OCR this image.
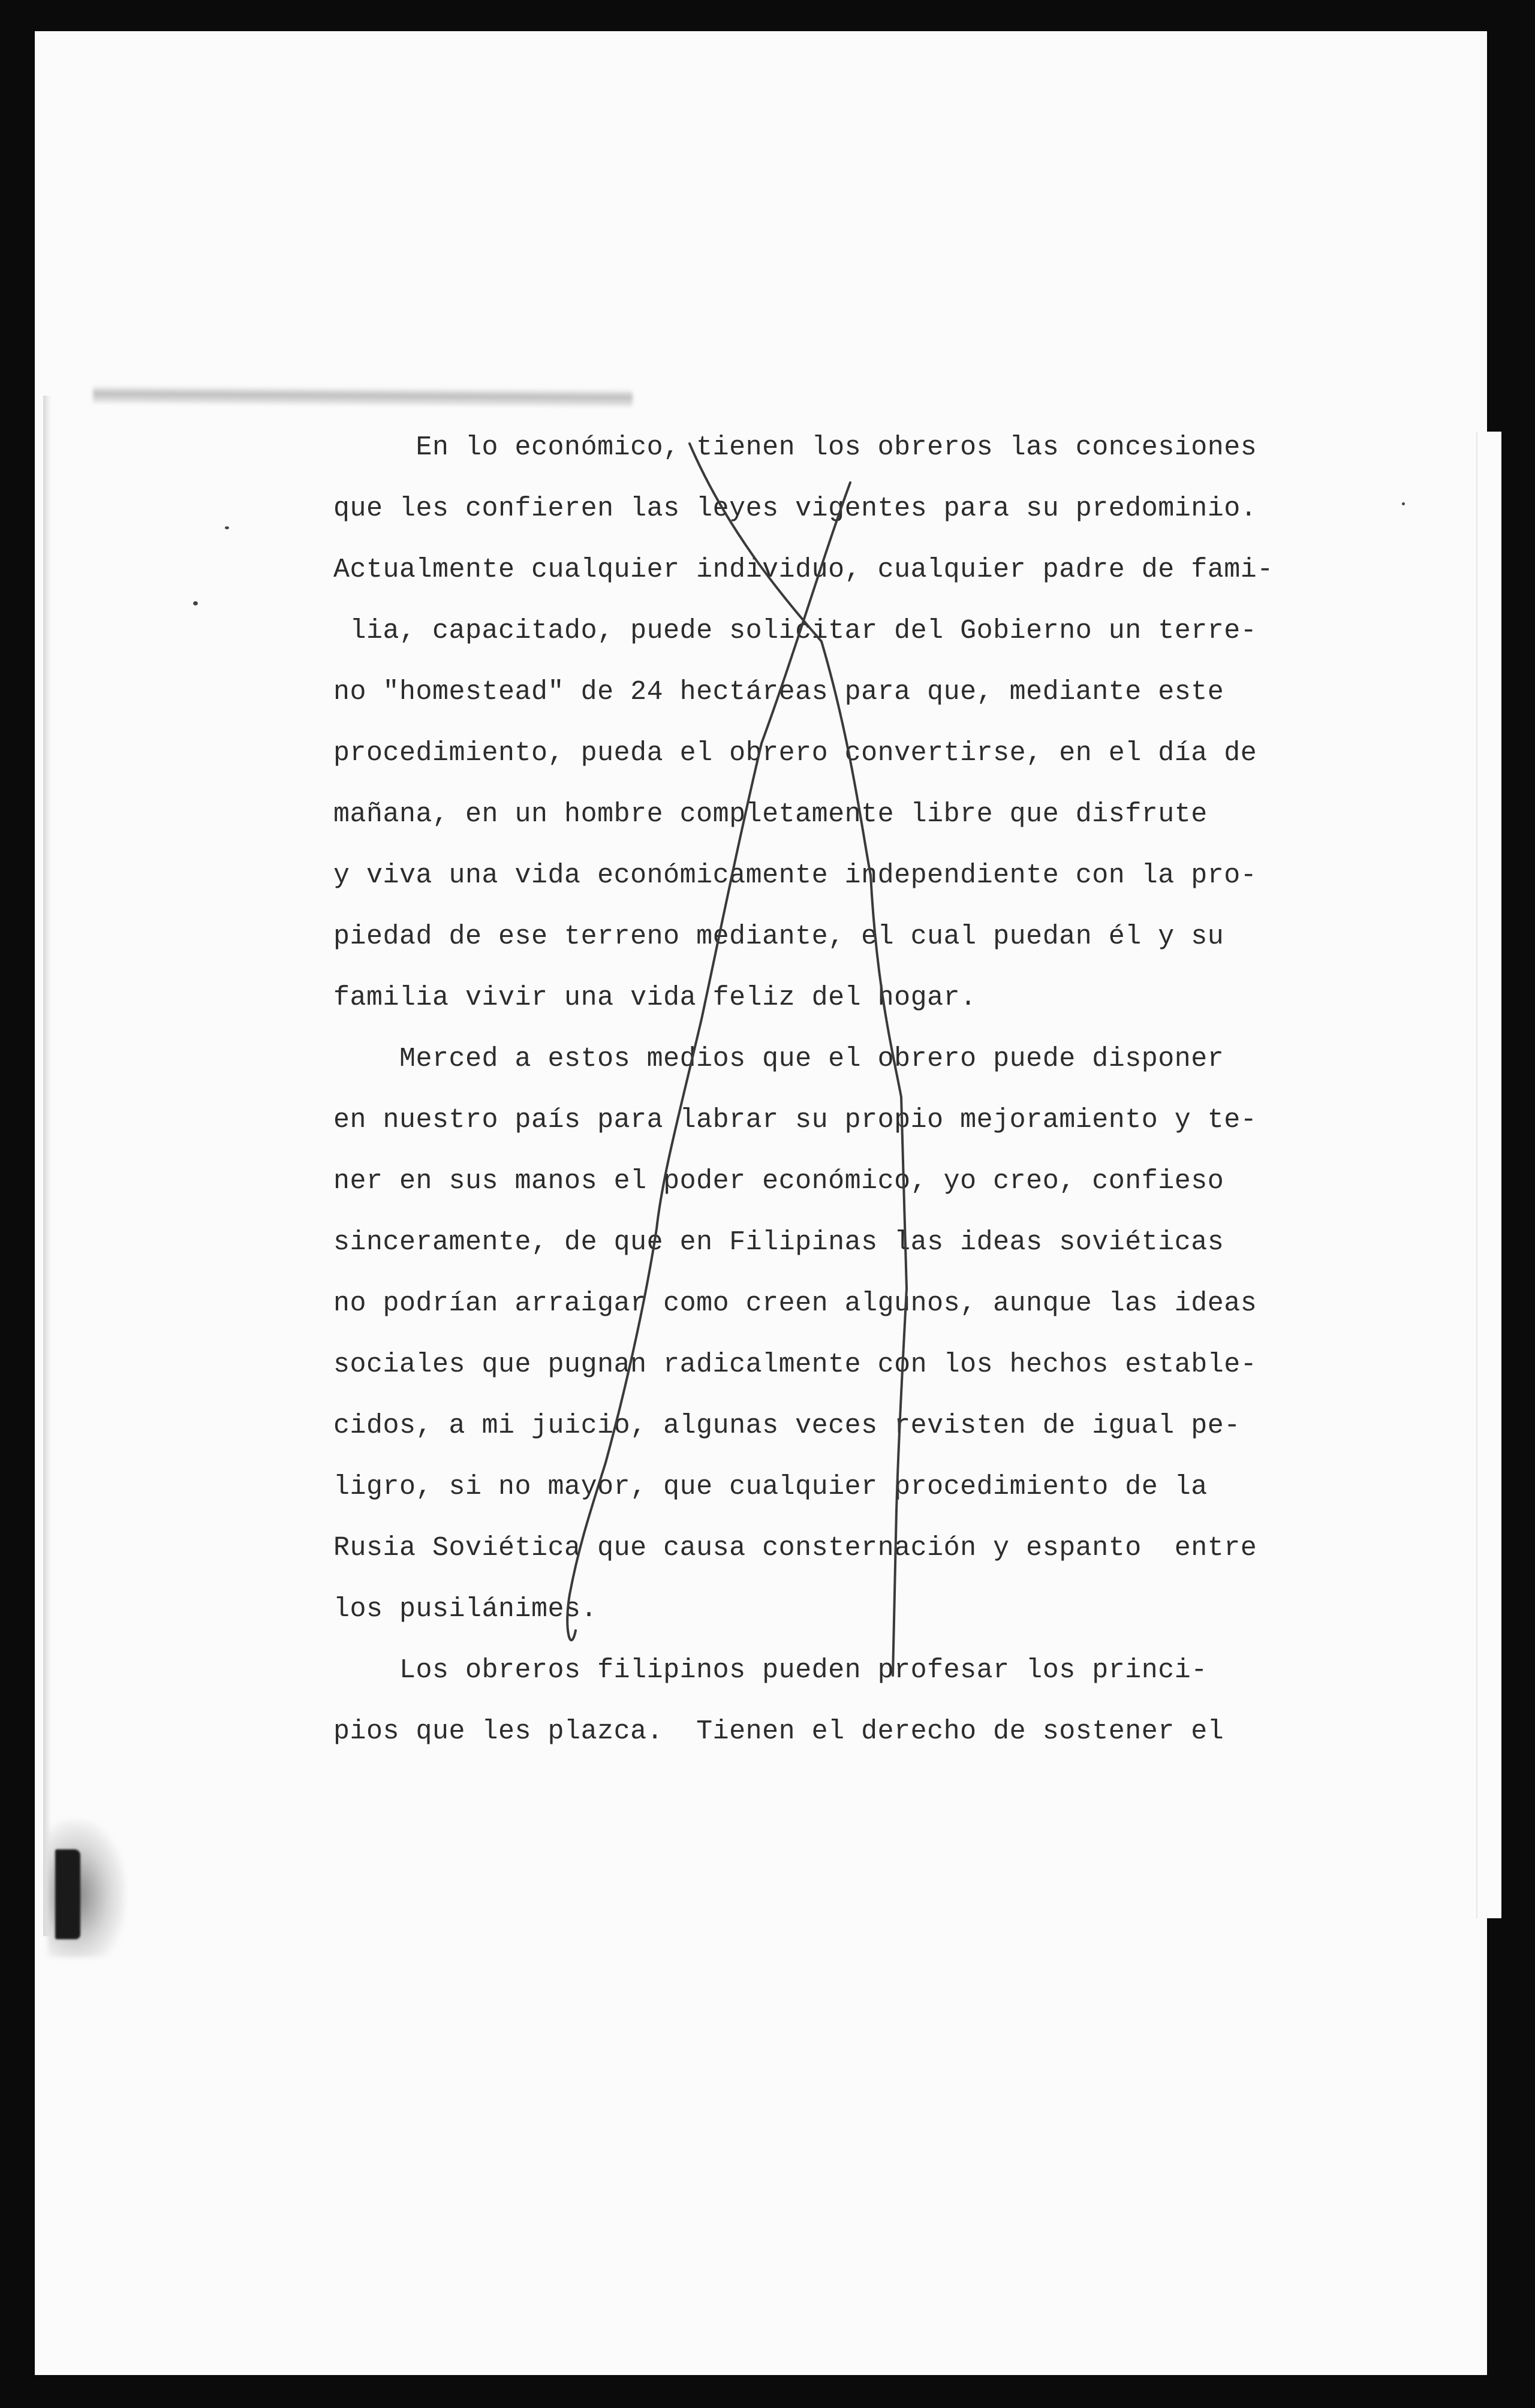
En lo económico, tienen los obreros las concesiones
que les confieren las leyes vigentes para su predominio.
Actualmente cualquier individuo, cualquier padre de fami-
lia, capacitado, puede solicitar del Gobierno un terre-
no "homestead" de 24 hectáreas para que, mediante este
procedimiento, pueda el obrero convertirse, en el día de
mañana, en un hombre completamente libre que disfrute
y viva una vida económicamente independiente con la pro-
piedad de ese terreno mediante, el cual puedan él y su
familia vivir una vida feliz del hogar.
Merced a estos medios que el obrero puede disponer
en nuestro país para labrar su propio mejoramiento y te-
ner en sus manos el poder económico, yo creo, confieso
sinceramente, de que en Filipinas las ideas soviéticas
no podrían arraigar como creen algunos, aunque las ideas
sociales que pugnan radicalmente con los hechos estable-
cidos, a mi juicio, algunas veces revisten de igual pe-
ligro, si no mayor, que cualquier procedimiento de la
Rusia Soviética que causa consternación y espanto  entre
los pusilánimes.
Los obreros filipinos pueden profesar los princi-
pios que les plazca.  Tienen el derecho de sostener el
